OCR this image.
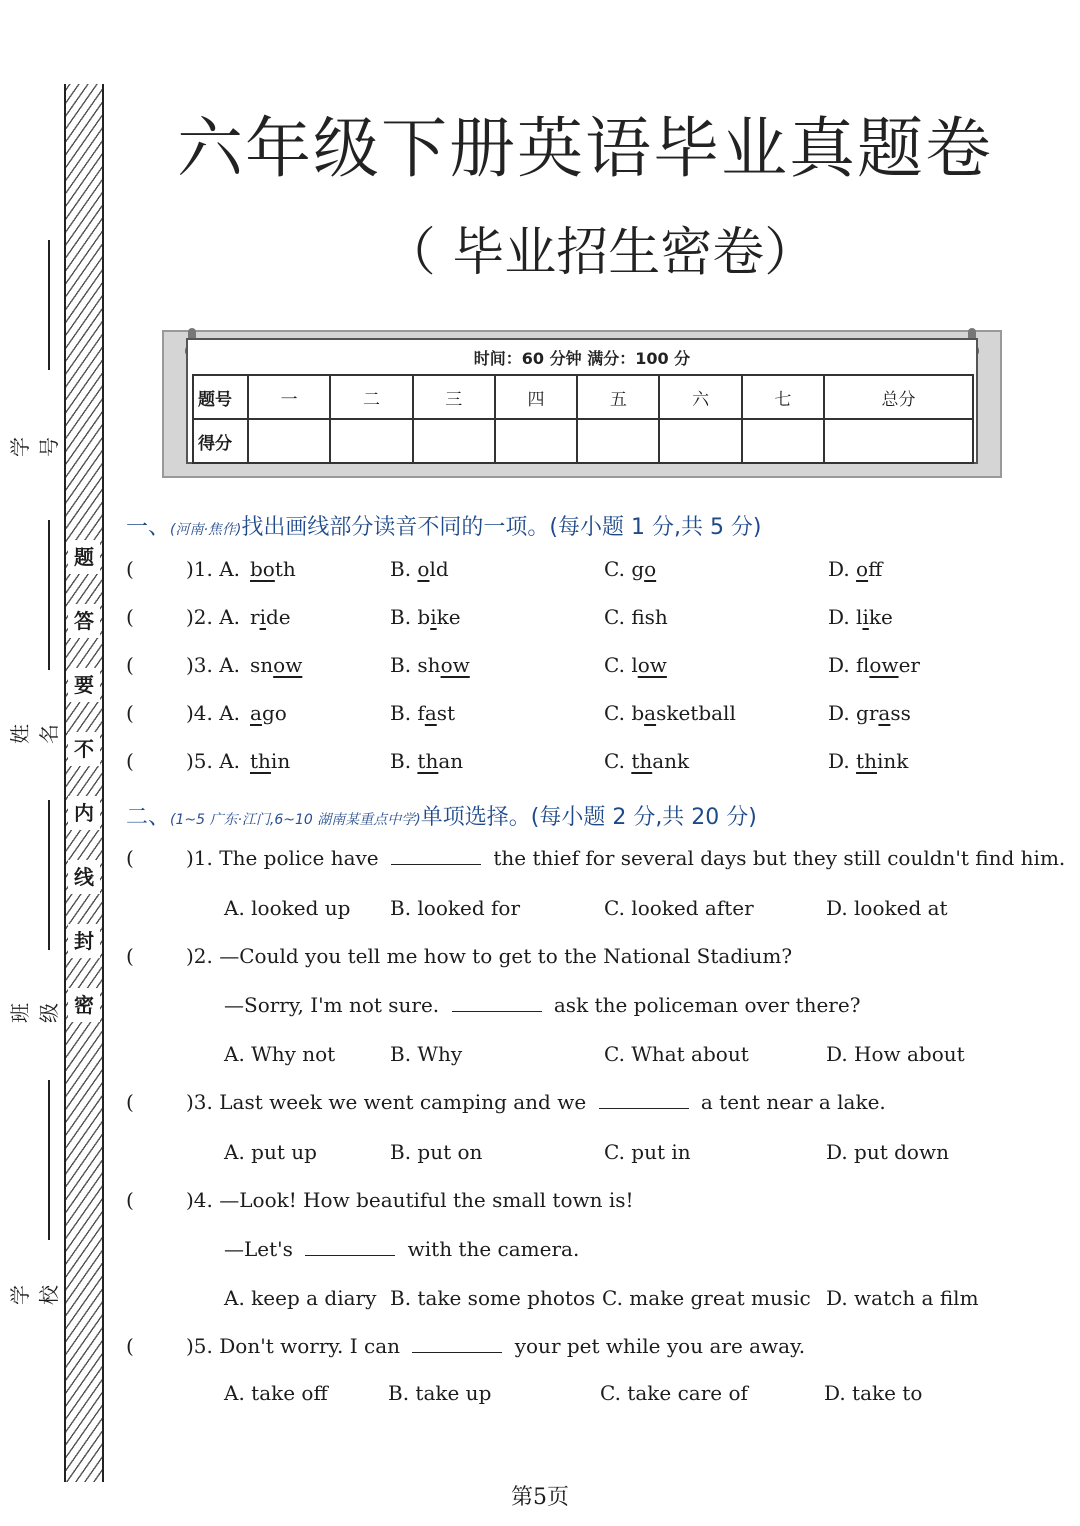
题
答
要
不
内
线
封
密
学号
姓名
班级
学校
六年级下册英语毕业真题卷
（ 毕业招生密卷）
时间：60 分钟 满分：100 分
题号	一	二	三	四	五	六	七	总分
得分								
一、(河南·焦作)找出画线部分读音不同的一项。(每小题 1 分,共 5 分)
(	)1. A. both	B. old	C. go	D. off
(	)2. A. ride	B. bike	C. fsh	D. like
(	)3. A. snow	B. show	C. low	D. flower
(	)4. A. ago	B. fast	C. basketball	D. grass
(	)5. A. thin	B. than	C. thank	D. think
二、(1~5 广东·江门,6~10 湖南某重点中学)单项选择。(每小题 2 分,共 20 分)
(	)1. The police have	the thief for several days but they still couldn't find him.
A. looked up B. looked for	C. looked after	D. looked at
(	)2. —Could you tell me how to get to the National Stadium?
—Sorry, I'm not sure.	ask the policeman over there?
A. Why not	B. Why	C. What about	D. How about
(	)3. Last week we went camping and we	a tent near a lake.
A. put up	B. put on	C. put in	D. put down
(	)4. —Look! How beautiful the small town is!
—Let's	with the camera.
A. keep a diary B. take some photos C. make great music D. watch a film
(	)5. Don't worry. I can	your pet while you are away.
A. take off	B. take up	C. take care of	D. take to
第5页
